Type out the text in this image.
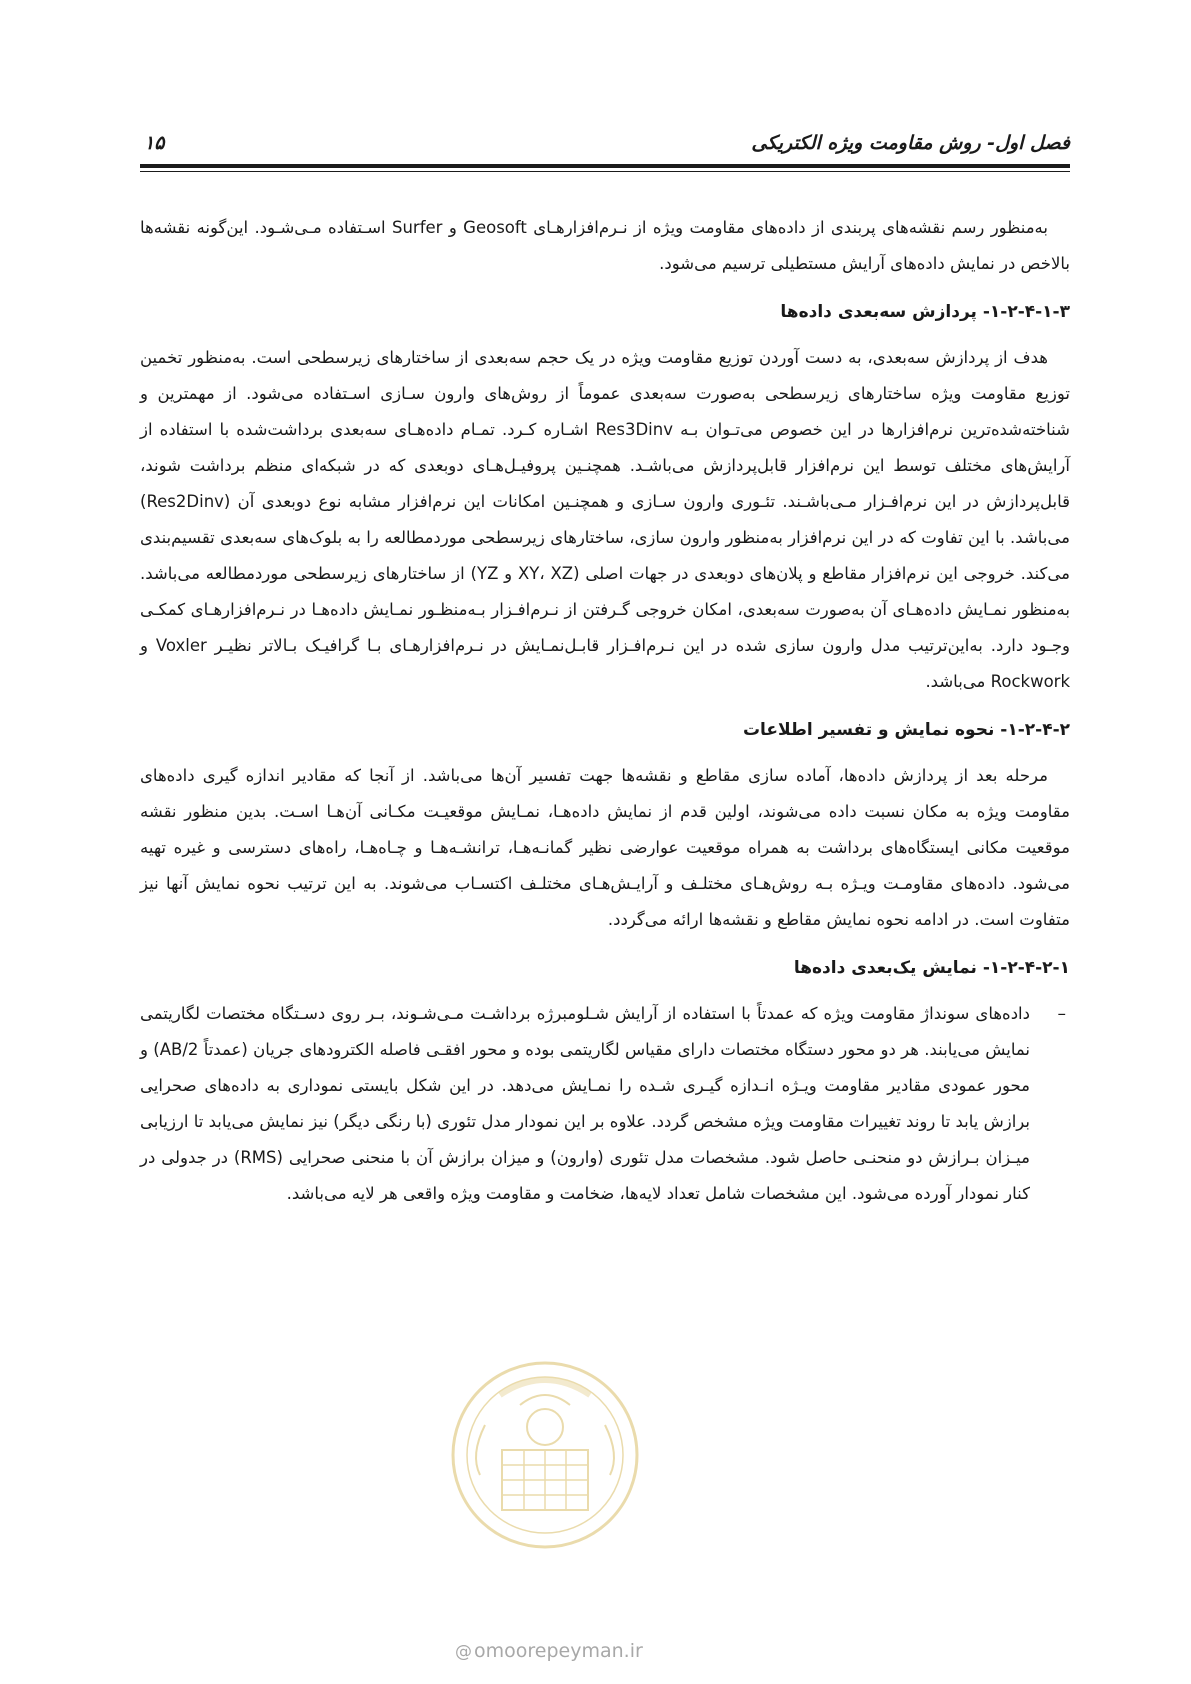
فصل اول- روش مقاومت ویژه الکتریکی
۱۵

به‌منظور رسم نقشه‌های پربندی از داده‌های مقاومت ویژه از نـرم‌افزارهـای Geosoft و Surfer اسـتفاده مـی‌شـود. این‌گونه نقشه‌ها بالاخص در نمایش داده‌های آرایش مستطیلی ترسیم می‌شود.

۱-۲-۴-۱-۳- پردازش سه‌بعدی داده‌ها

هدف از پردازش سه‌بعدی، به دست آوردن توزیع مقاومت ویژه در یک حجم سه‌بعدی از ساختارهای زیرسطحی است. به‌منظور تخمین توزیع مقاومت ویژه ساختارهای زیرسطحی به‌صورت سه‌بعدی عموماً از روش‌های وارون سـازی اسـتفاده می‌شود. از مهمترین و شناخته‌شده‌ترین نرم‌افزارها در این خصوص می‌تـوان بـه Res3Dinv اشـاره کـرد. تمـام داده‌هـای سه‌بعدی برداشت‌شده با استفاده از آرایش‌های مختلف توسط این نرم‌افزار قابل‌پردازش می‌باشـد. همچنـین پروفیـل‌هـای دوبعدی که در شبکه‌ای منظم برداشت شوند، قابل‌پردازش در این نرم‌افـزار مـی‌باشـند. تئـوری وارون سـازی و همچنـین امکانات این نرم‌افزار مشابه نوع دوبعدی آن (Res2Dinv) می‌باشد. با این تفاوت که در این نرم‌افزار به‌منظور وارون سازی، ساختارهای زیرسطحی موردمطالعه را به بلوک‌های سه‌بعدی تقسیم‌بندی می‌کند. خروجی این نرم‌افزار مقاطع و پلان‌های دوبعدی در جهات اصلی (XY، XZ و YZ) از ساختارهای زیرسطحی موردمطالعه می‌باشد. به‌منظور نمـایش داده‌هـای آن به‌صورت سه‌بعدی، امکان خروجی گـرفتن از نـرم‌افـزار بـه‌منظـور نمـایش داده‌هـا در نـرم‌افزارهـای کمکـی وجـود دارد. به‌این‌ترتیب مدل وارون سازی شده در این نـرم‌افـزار قابـل‌نمـایش در نـرم‌افزارهـای بـا گرافیـک بـالاتر نظیـر Voxler و Rockwork می‌باشد.

۱-۲-۴-۲- نحوه نمایش و تفسیر اطلاعات

مرحله بعد از پردازش داده‌ها، آماده سازی مقاطع و نقشه‌ها جهت تفسیر آن‌ها می‌باشد. از آنجا که مقادیر اندازه گیری داده‌های مقاومت ویژه به مکان نسبت داده می‌شوند، اولین قدم از نمایش داده‌هـا، نمـایش موقعیـت مکـانی آن‌هـا اسـت. بدین منظور نقشه موقعیت مکانی ایستگاه‌های برداشت به همراه موقعیت عوارضی نظیر گمانـه‌هـا، ترانشـه‌هـا و چـاه‌هـا، راه‌های دسترسی و غیره تهیه می‌شود. داده‌های مقاومـت ویـژه بـه روش‌هـای مختلـف و آرایـش‌هـای مختلـف اکتسـاب می‌شوند. به این ترتیب نحوه نمایش آنها نیز متفاوت است. در ادامه نحوه نمایش مقاطع و نقشه‌ها ارائه می‌گردد.

۱-۲-۴-۲-۱- نمایش یک‌بعدی داده‌ها
–

داده‌های سونداژ مقاومت ویژه که عمدتاً با استفاده از آرایش شـلومبرژه برداشـت مـی‌شـوند، بـر روی دسـتگاه مختصات لگاریتمی نمایش می‌یابند. هر دو محور دستگاه مختصات دارای مقیاس لگاریتمی بوده و محور افقـی فاصله الکترودهای جریان (عمدتاً AB/2) و محور عمودی مقادیر مقاومت ویـژه انـدازه گیـری شـده را نمـایش می‌دهد. در این شکل بایستی نموداری به داده‌های صحرایی برازش یابد تا روند تغییرات مقاومت ویژه مشخص گردد. علاوه بر این نمودار مدل تئوری (با رنگی دیگر) نیز نمایش می‌یابد تا ارزیابی میـزان بـرازش دو منحنـی حاصل شود. مشخصات مدل تئوری (وارون) و میزان برازش آن با منحنی صحرایی (RMS) در جدولی در کنار نمودار آورده می‌شود. این مشخصات شامل تعداد لایه‌ها، ضخامت و مقاومت ویژه واقعی هر لایه می‌باشد.

@ omoorepeyman.ir
